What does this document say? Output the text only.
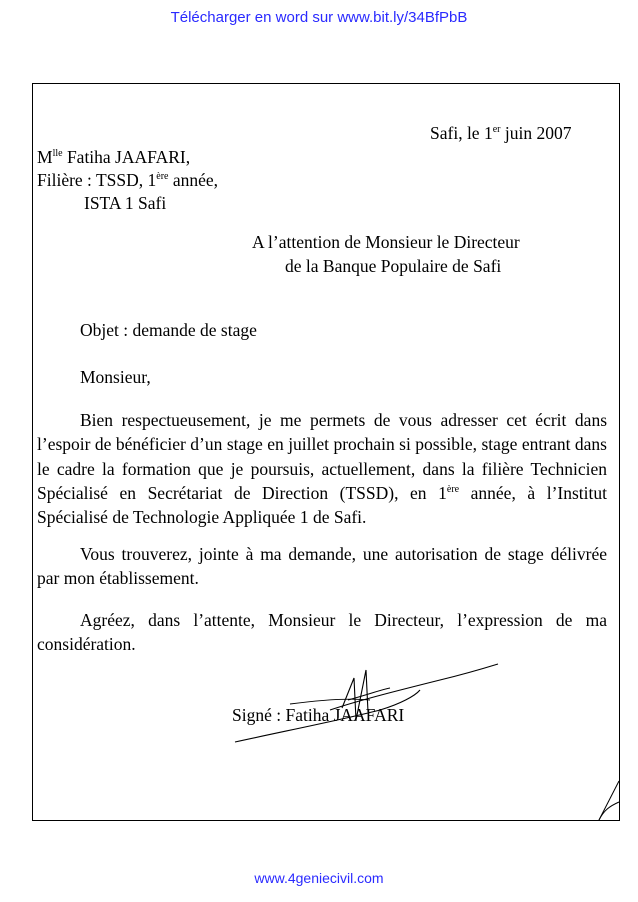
Télécharger en word sur www.bit.ly/34BfPbB
Safi, le 1er juin 2007
$M^{lle}$ Fatiha JAAFARI,
Filière : TSSD, 1ère année,
ISTA 1 Safi
A l’attention de Monsieur le Directeur
de la Banque Populaire de Safi
Objet : demande de stage
Monsieur,
Bien respectueusement, je me permets de vous adresser cet écrit dans l’espoir de bénéficier d’un stage en juillet prochain si possible, stage entrant dans le cadre la formation que je poursuis, actuellement, dans la filière Technicien Spécialisé en Secrétariat de Direction (TSSD), en 1ère année, à l’Institut Spécialisé de Technologie Appliquée 1 de Safi.
Vous trouverez, jointe à ma demande, une autorisation de stage délivrée par mon établissement.
Agréez, dans l’attente, Monsieur le Directeur, l’expression de ma considération.
Signé : Fatiha JAAFARI
www.4geniecivil.com
